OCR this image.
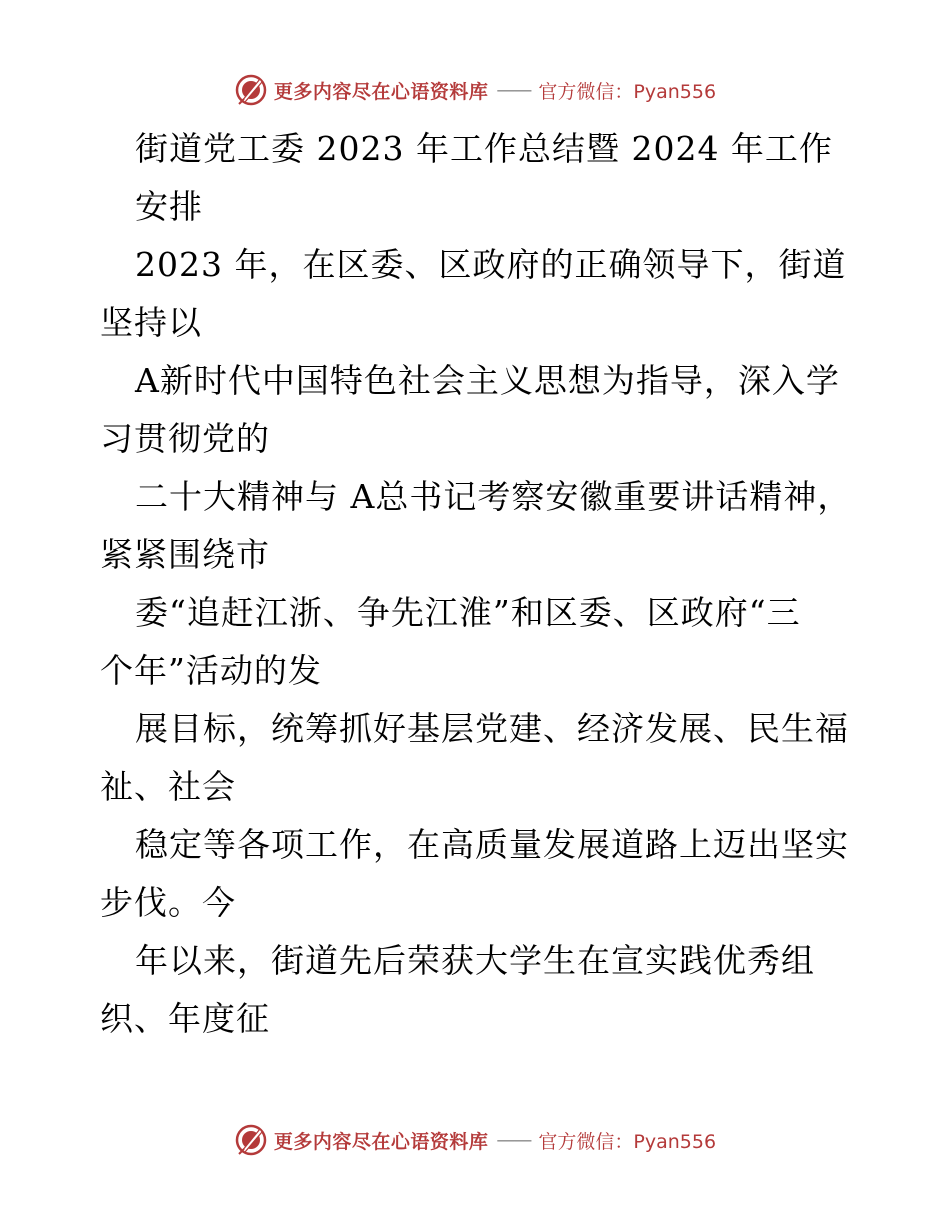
更多内容尽在心语资料库 —— 官方微信：Pyan556
街道党工委 2023 年工作总结暨 2024 年工作
安排
2023 年，在区委、区政府的正确领导下，街道
坚持以
A新时代中国特色社会主义思想为指导，深入学
习贯彻党的
二十大精神与 A总书记考察安徽重要讲话精神，
紧紧围绕市
委“追赶江浙、争先江淮”和区委、区政府“三
个年”活动的发
展目标，统筹抓好基层党建、经济发展、民生福
祉、社会
稳定等各项工作，在高质量发展道路上迈出坚实
步伐。今
年以来，街道先后荣获大学生在宣实践优秀组
织、年度征
更多内容尽在心语资料库 —— 官方微信：Pyan556
